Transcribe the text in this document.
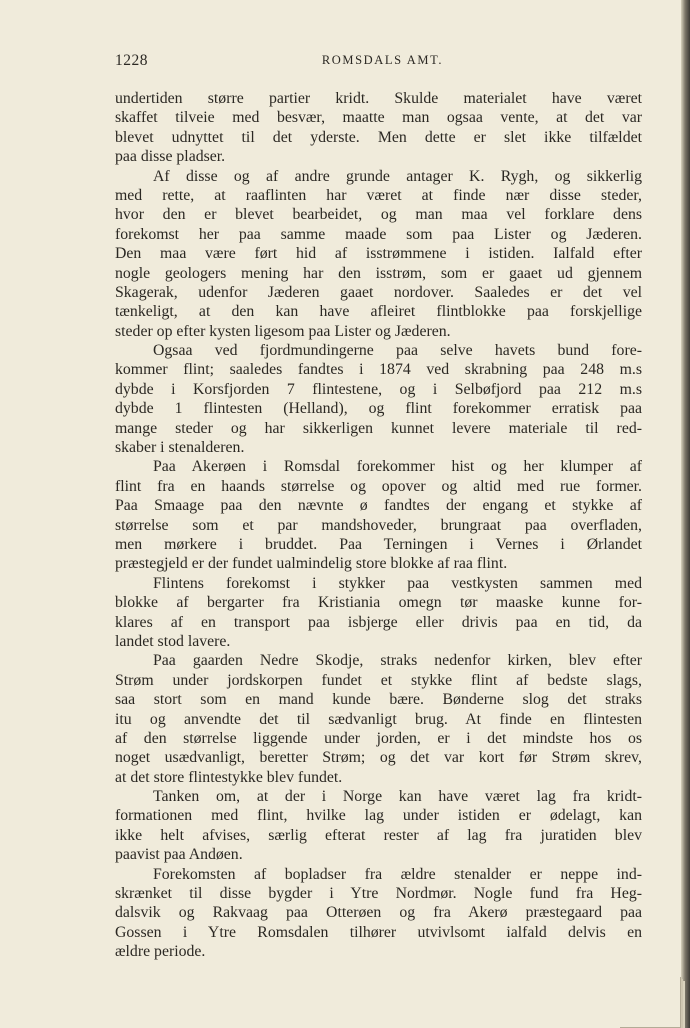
1228	ROMSDALS AMT.
undertiden større partier kridt. Skulde materialet have været
skaffet tilveie med besvær, maatte man ogsaa vente, at det var
blevet udnyttet til det yderste. Men dette er slet ikke tilfældet
paa disse pladser.
Af disse og af andre grunde antager K. Rygh, og sikkerlig
med rette, at raaflinten har været at finde nær disse steder,
hvor den er blevet bearbeidet, og man maa vel forklare dens
forekomst her paa samme maade som paa Lister og Jæderen.
Den maa være ført hid af isstrømmene i istiden. Ialfald efter
nogle geologers mening har den isstrøm, som er gaaet ud gjennem
Skagerak, udenfor Jæderen gaaet nordover. Saaledes er det vel
tænkeligt, at den kan have afleiret flintblokke paa forskjellige
steder op efter kysten ligesom paa Lister og Jæderen.
Ogsaa ved fjordmundingerne paa selve havets bund fore-
kommer flint; saaledes fandtes i 1874 ved skrabning paa 248 m.s
dybde i Korsfjorden 7 flintestene, og i Selbøfjord paa 212 m.s
dybde 1 flintesten (Helland), og flint forekommer erratisk paa
mange steder og har sikkerligen kunnet levere materiale til red-
skaber i stenalderen.
Paa Akerøen i Romsdal forekommer hist og her klumper af
flint fra en haands størrelse og opover og altid med rue former.
Paa Smaage paa den nævnte ø fandtes der engang et stykke af
størrelse som et par mandshoveder, brungraat paa overfladen,
men mørkere i bruddet. Paa Terningen i Vernes i Ørlandet
præstegjeld er der fundet ualmindelig store blokke af raa flint.
Flintens forekomst i stykker paa vestkysten sammen med
blokke af bergarter fra Kristiania omegn tør maaske kunne for-
klares af en transport paa isbjerge eller drivis paa en tid, da
landet stod lavere.
Paa gaarden Nedre Skodje, straks nedenfor kirken, blev efter
Strøm under jordskorpen fundet et stykke flint af bedste slags,
saa stort som en mand kunde bære. Bønderne slog det straks
itu og anvendte det til sædvanligt brug. At finde en flintesten
af den størrelse liggende under jorden, er i det mindste hos os
noget usædvanligt, beretter Strøm; og det var kort før Strøm skrev,
at det store flintestykke blev fundet.
Tanken om, at der i Norge kan have været lag fra kridt-
formationen med flint, hvilke lag under istiden er ødelagt, kan
ikke helt afvises, særlig efterat rester af lag fra juratiden blev
paavist paa Andøen.
Forekomsten af bopladser fra ældre stenalder er neppe ind-
skrænket til disse bygder i Ytre Nordmør. Nogle fund fra Heg-
dalsvik og Rakvaag paa Otterøen og fra Akerø præstegaard paa
Gossen i Ytre Romsdalen tilhører utvivlsomt ialfald delvis en
ældre periode.
